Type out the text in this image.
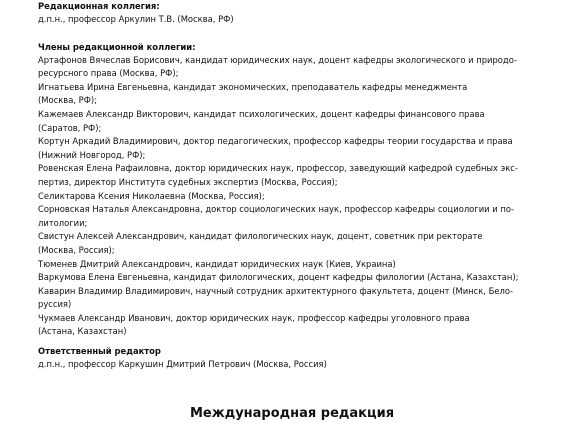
Редакционная коллегия:
д.п.н., профессор Аркулин Т.В. (Москва, РФ)
Члены редакционной коллегии:
Артафонов Вячеслав Борисович, кандидат юридических наук, доцент кафедры экологического и природо-
ресурсного права (Москва, РФ);
Игнатьева Ирина Евгеньевна, кандидат экономических, преподаватель кафедры менеджмента
(Москва, РФ);
Кажемаев Александр Викторович, кандидат психологических, доцент кафедры финансового права
(Саратов, РФ);
Кортун Аркадий Владимирович, доктор педагогических, профессор кафедры теории государства и права
(Нижний Новгород, РФ);
Ровенская Елена Рафаиловна, доктор юридических наук, профессор, заведующий кафедрой судебных экс-
пертиз, директор Института судебных экспертиз (Москва, Россия);
Селиктарова Ксения Николаевна (Москва, Россия);
Сорновская Наталья Александровна, доктор социологических наук, профессор кафедры социологии и по-
литологии;
Свистун Алексей Александрович, кандидат филологических наук, доцент, советник при ректорате
(Москва, Россия);
Тюменев Дмитрий Александрович, кандидат юридических наук (Киев, Украина)
Варкумова Елена Евгеньевна, кандидат филологических, доцент кафедры филологии (Астана, Казахстан);
Каварин Владимир Владимирович, научный сотрудник архитектурного факультета, доцент (Минск, Бело-
руссия)
Чукмаев Александр Иванович, доктор юридических наук, профессор кафедры уголовного права
(Астана, Казахстан)
Ответственный редактор
д.п.н., профессор Каркушин Дмитрий Петрович (Москва, Россия)
Международная редакция
